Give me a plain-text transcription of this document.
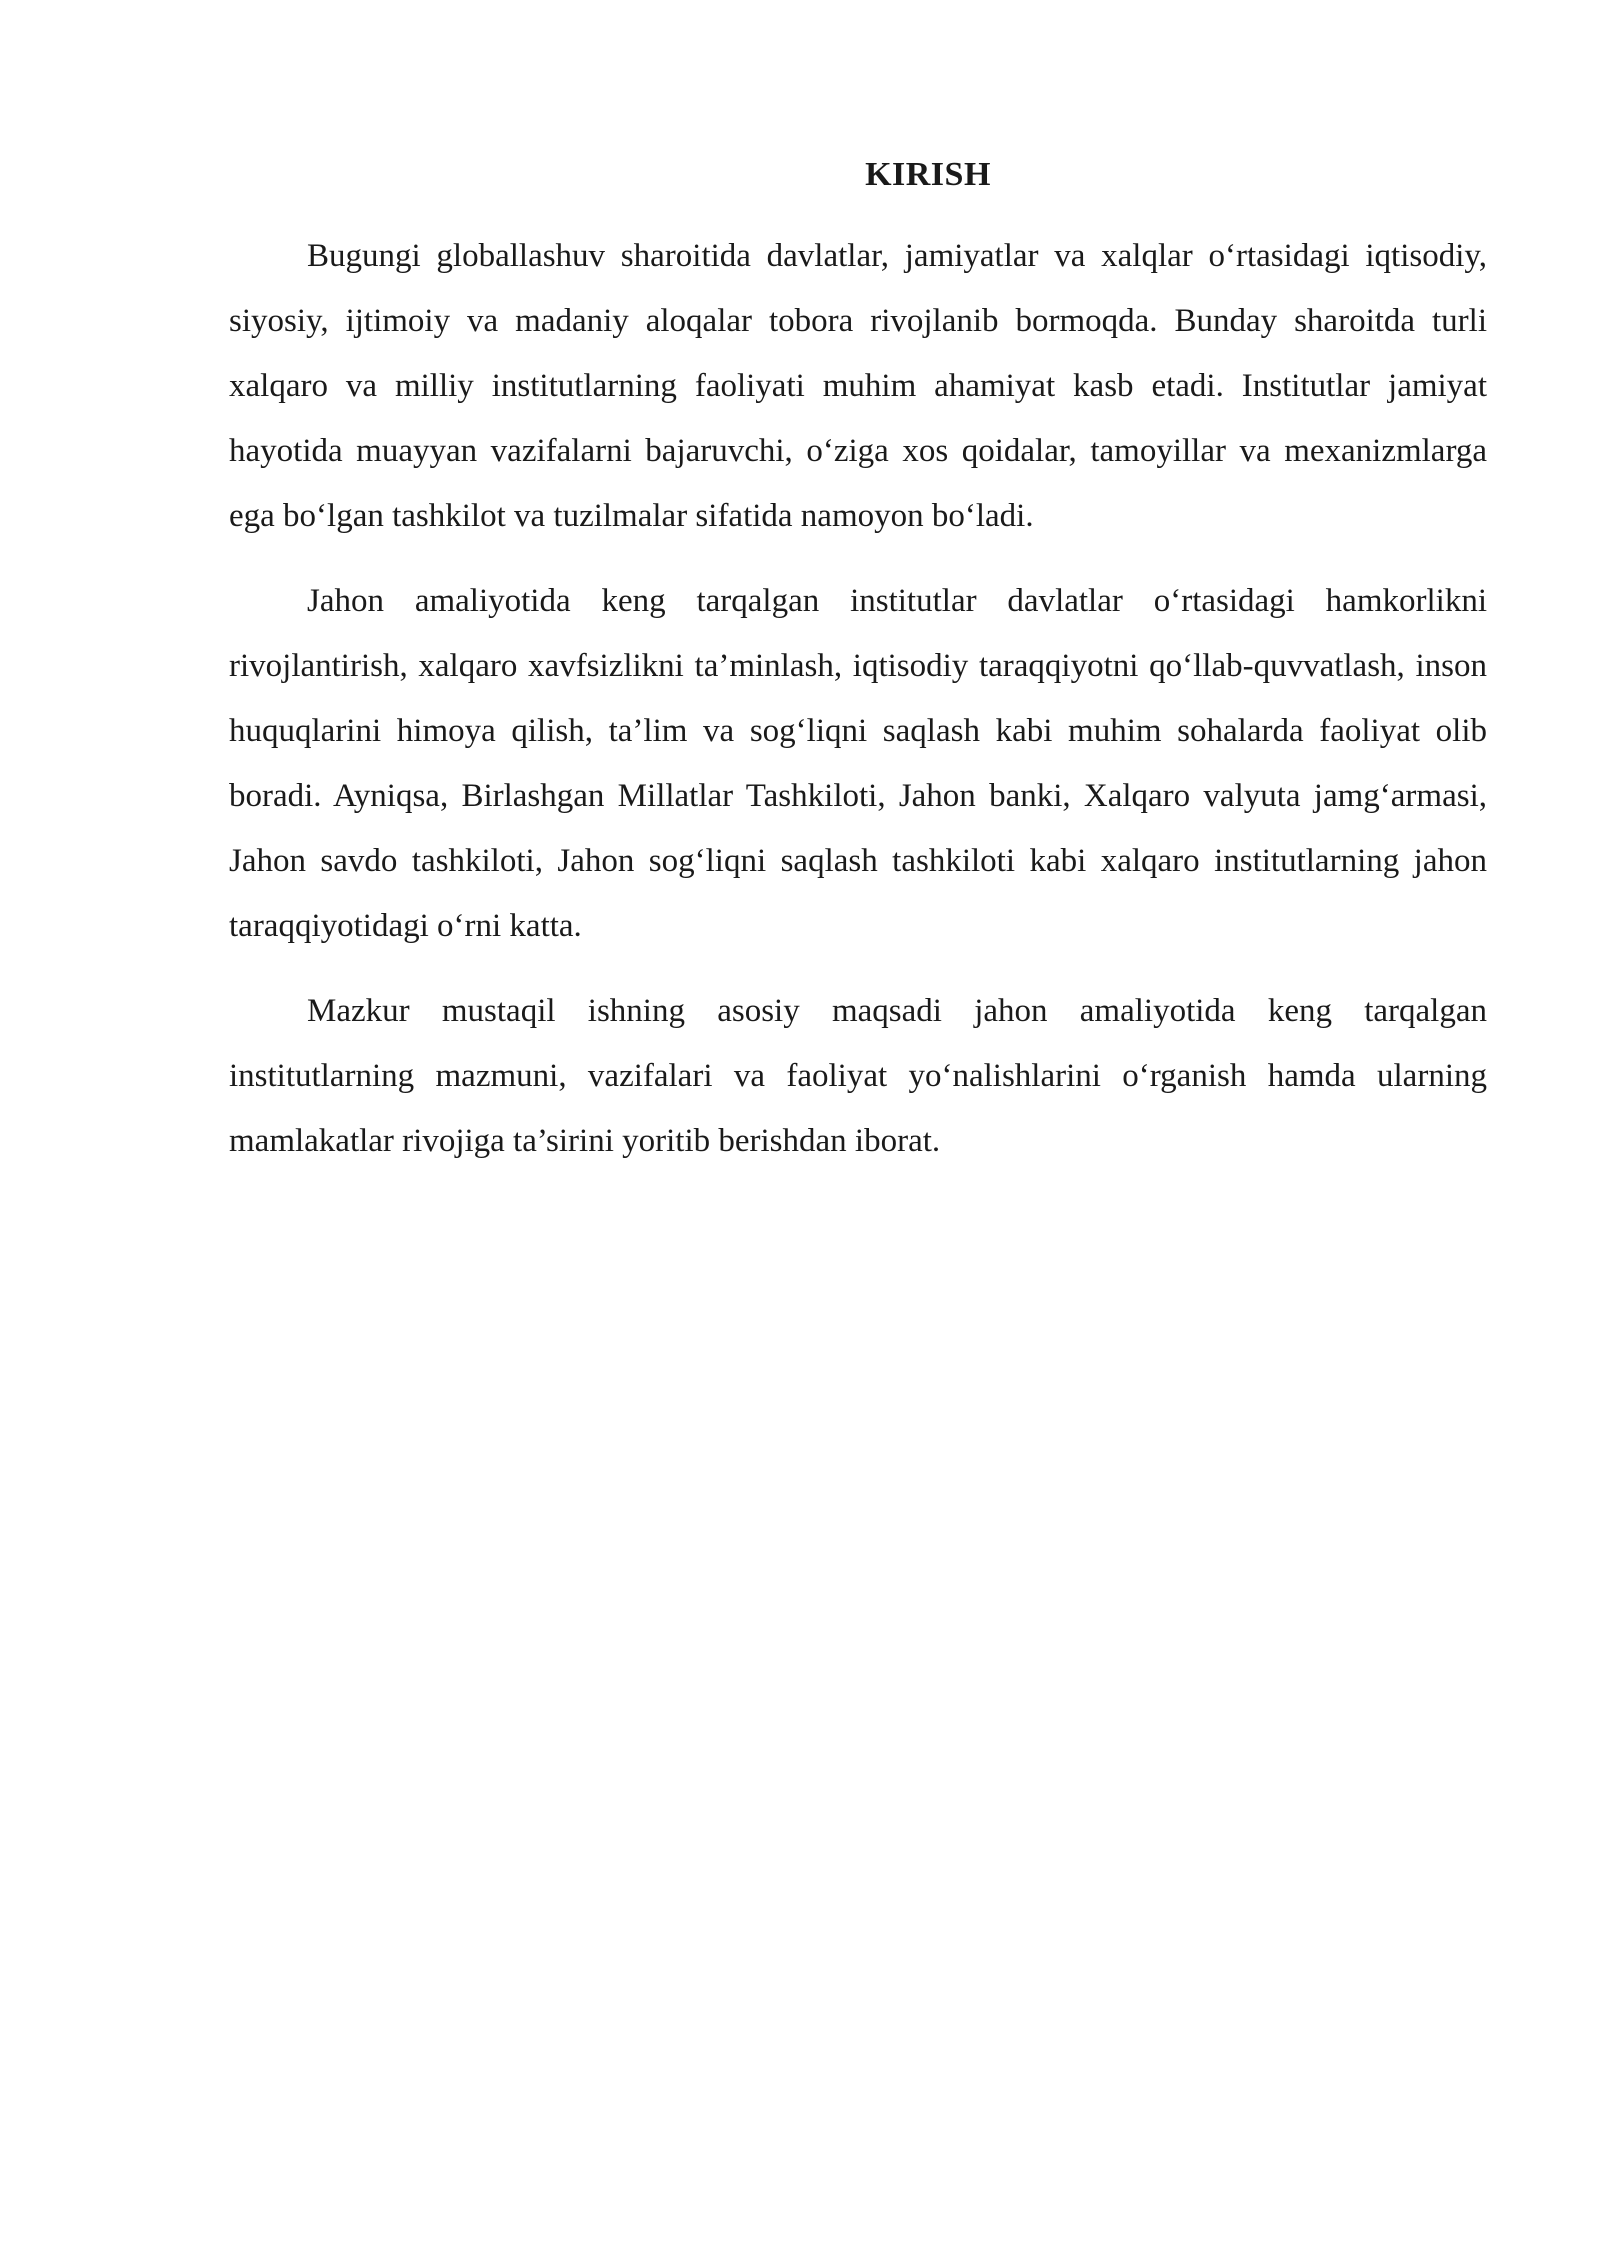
KIRISH

Bugungi globallashuv sharoitida davlatlar, jamiyatlar va xalqlar o‘rtasidagi iqtisodiy, siyosiy, ijtimoiy va madaniy aloqalar tobora rivojlanib bormoqda. Bunday sharoitda turli xalqaro va milliy institutlarning faoliyati muhim ahamiyat kasb etadi. Institutlar jamiyat hayotida muayyan vazifalarni bajaruvchi, o‘ziga xos qoidalar, tamoyillar va mexanizmlarga ega bo‘lgan tashkilot va tuzilmalar sifatida namoyon bo‘ladi.

Jahon amaliyotida keng tarqalgan institutlar davlatlar o‘rtasidagi hamkorlikni rivojlantirish, xalqaro xavfsizlikni ta’minlash, iqtisodiy taraqqiyotni qo‘llab-quvvatlash, inson huquqlarini himoya qilish, ta’lim va sog‘liqni saqlash kabi muhim sohalarda faoliyat olib boradi. Ayniqsa, Birlashgan Millatlar Tashkiloti, Jahon banki, Xalqaro valyuta jamg‘armasi, Jahon savdo tashkiloti, Jahon sog‘liqni saqlash tashkiloti kabi xalqaro institutlarning jahon taraqqiyotidagi o‘rni katta.

Mazkur mustaqil ishning asosiy maqsadi jahon amaliyotida keng tarqalgan institutlarning mazmuni, vazifalari va faoliyat yo‘nalishlarini o‘rganish hamda ularning mamlakatlar rivojiga ta’sirini yoritib berishdan iborat.
